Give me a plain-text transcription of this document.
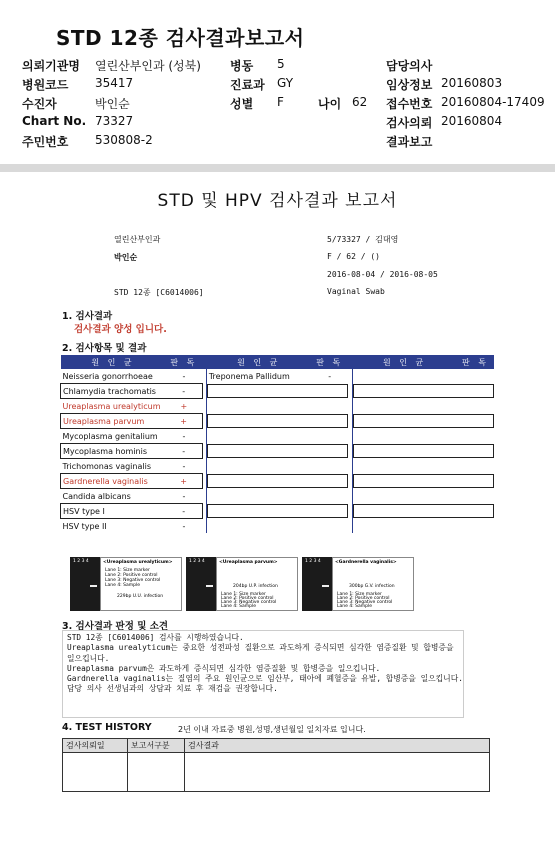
STD 12종 검사결과보고서
의뢰기관명 열린산부인과 (성북) 병동 5	담당의사
병원코드 35417	진료과 GY	임상정보 20160803
수진자	박인순	성별 F	나이 62 접수번호 20160804-17409
Chart No. 73327	검사의뢰 20160804
주민번호 530808-2	결과보고
STD 및 HPV 검사결과 보고서
열린산부인과	5/73327 / 김대영
박인순	F / 62 / ()
2016-08-04 / 2016-08-05
STD 12종 [C6014006]	Vaginal Swab
1. 검사결과
검사결과 양성 입니다.
2. 검사항목 및 결과
원 인 균	판 독		원 인 균	판 독		원 인 균	판 독
Neisseria gonorrhoeae	-		Treponema Pallidum	-			
Chlamydia trachomatis	-				

Ureaplasma urealyticum	+						
Ureaplasma parvum	+				

Mycoplasma genitalium	-						
Mycoplasma hominis	-				

Trichomonas vaginalis	-						
Gardnerella vaginalis	+				

Candida albicans	-						
HSV type I	-				

HSV type II	-						
1 2 3 4	<Ureaplasma urealyticum>
229bp U.U. infection
Lane 1: Size marker
Lane 2: Positive control
Lane 3: Negative control
Lane 4: Sample
1 2 3 4	<Ureaplasma parvum>
204bp U.P. infection
Lane 1: Size marker
Lane 2: Positive control
Lane 3: Negative control
Lane 4: Sample
1 2 3 4	<Gardnerella vaginalis>
300bp G.V. infection
Lane 1: Size marker
Lane 2: Positive control
Lane 3: Negative control
Lane 4: Sample
3. 검사결과 판정 및 소견
STD 12종 [C6014006] 검사를 시행하였습니다.
Ureaplasma urealyticum는 중요한 성전파성 질환으로 과도하게 증식되면 심각한 염증질환 및 합병증을
일으킵니다.
Ureaplasma parvum은 과도하게 증식되면 심각한 염증질환 및 합병증을 일으킵니다.
Gardnerella vaginalis는 질염의 주요 원인균으로 임산부, 태아에 폐혈증을 유발, 합병증을 일으킵니다.
담당 의사 선생님과의 상담과 치료 후 재검을 권장합니다.
4. TEST HISTORY	2년 이내 자료중 병원,성명,생년월일 일치자료 입니다.
검사의뢰일	보고서구분	검사결과
